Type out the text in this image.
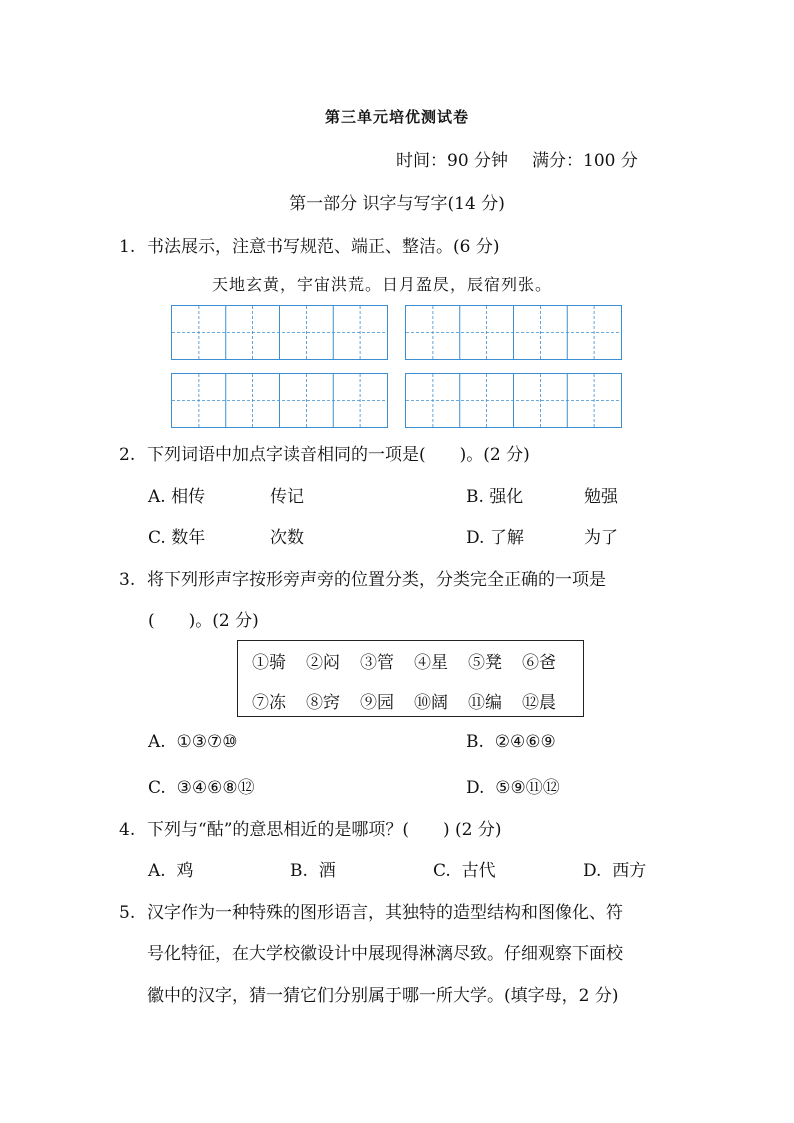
第三单元培优测试卷
时间：90 分钟 满分：100 分
第一部分 识字与写字(14 分)
1. 书法展示，注意书写规范、端正、整洁。(6 分)
天地玄黄，宇宙洪荒。日月盈昃，辰宿列张。
2. 下列词语中加点字读音相同的一项是(　　)。(2 分)
A. 相传	传记	B. 强化	勉强
C. 数年	次数	D. 了解	为了
3. 将下列形声字按形旁声旁的位置分类，分类完全正确的一项是
(　　)。(2 分)
①骑 ②闷 ③管 ④星 ⑤凳 ⑥爸
⑦冻 ⑧窍 ⑨园 ⑩阔 ⑪编 ⑫晨
A. ①③⑦⑩	B. ②④⑥⑨
C. ③④⑥⑧⑫	D. ⑤⑨⑪⑫
4. 下列与“酤”的意思相近的是哪项？(　　) (2 分)
A. 鸡	B. 酒	C. 古代	D. 西方
5. 汉字作为一种特殊的图形语言，其独特的造型结构和图像化、符
号化特征，在大学校徽设计中展现得淋漓尽致。仔细观察下面校
徽中的汉字，猜一猜它们分别属于哪一所大学。(填字母，2 分)
